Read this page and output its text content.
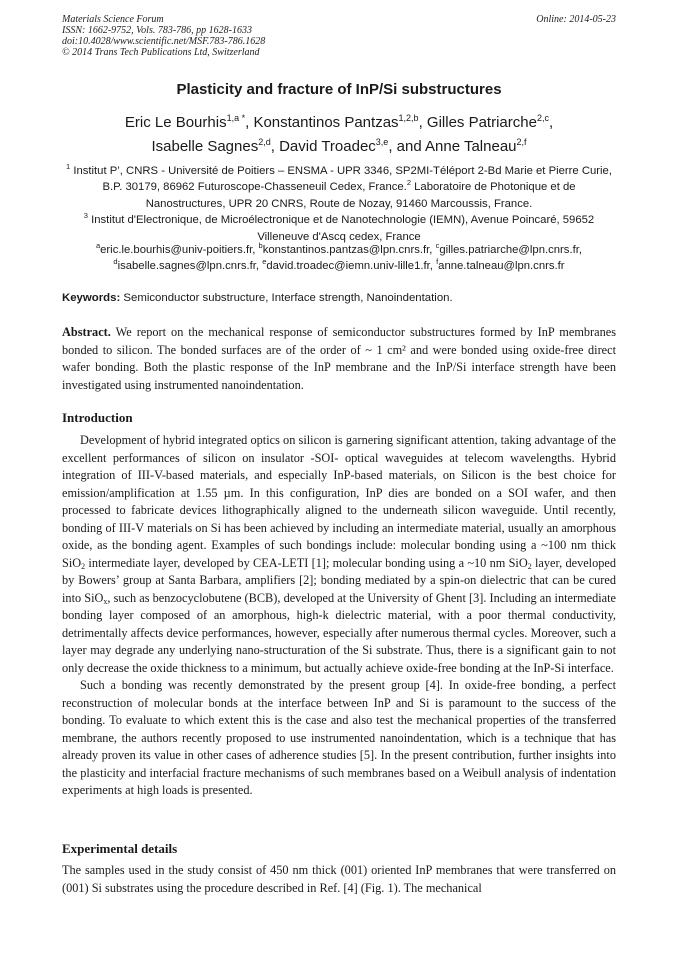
Materials Science Forum
ISSN: 1662-9752, Vols. 783-786, pp 1628-1633
doi:10.4028/www.scientific.net/MSF.783-786.1628
© 2014 Trans Tech Publications Ltd, Switzerland
Online: 2014-05-23
Plasticity and fracture of InP/Si substructures
Eric Le Bourhis$^{1,a *}$, Konstantinos Pantzas$^{1,2,b}$, Gilles Patriarche$^{2,c}$,
Isabelle Sagnes$^{2,d}$, David Troadec$^{3,e}$, and Anne Talneau$^{2,f}$
$^1$ Institut P’, CNRS - Université de Poitiers – ENSMA - UPR 3346, SP2MI-Téléport 2-Bd Marie et Pierre Curie, B.P. 30179, 86962 Futuroscope-Chasseneuil Cedex, France.$^2$ Laboratoire de Photonique et de Nanostructures, UPR 20 CNRS, Route de Nozay, 91460 Marcoussis, France.
$^3$ Institut d'Electronique, de Microélectronique et de Nanotechnologie (IEMN), Avenue Poincaré, 59652 Villeneuve d'Ascq cedex, France
$^a$eric.le.bourhis@univ-poitiers.fr, $^b$konstantinos.pantzas@lpn.cnrs.fr, $^c$gilles.patriarche@lpn.cnrs.fr,
$^d$isabelle.sagnes@lpn.cnrs.fr, $^e$david.troadec@iemn.univ-lille1.fr, $^f$anne.talneau@lpn.cnrs.fr
Keywords: Semiconductor substructure, Interface strength, Nanoindentation.
Abstract. We report on the mechanical response of semiconductor substructures formed by InP membranes bonded to silicon. The bonded surfaces are of the order of ~ 1 cm² and were bonded using oxide-free direct wafer bonding. Both the plastic response of the InP membrane and the InP/Si interface strength have been investigated using instrumented nanoindentation.
Introduction

Development of hybrid integrated optics on silicon is garnering significant attention, taking advantage of the excellent performances of silicon on insulator -SOI- optical waveguides at telecom wavelengths. Hybrid integration of III-V-based materials, and especially InP-based materials, on Silicon is the best choice for emission/amplification at 1.55 µm. In this configuration, InP dies are bonded on a SOI wafer, and then processed to fabricate devices lithographically aligned to the underneath silicon waveguide. Until recently, bonding of III-V materials on Si has been achieved by including an intermediate material, usually an amorphous oxide, as the bonding agent. Examples of such bondings include: molecular bonding using a ~100 nm thick SiO$_2$ intermediate layer, developed by CEA-LETI [1]; molecular bonding using a ~10 nm SiO$_2$ layer, developed by Bowers’ group at Santa Barbara, amplifiers [2]; bonding mediated by a spin-on dielectric that can be cured into SiO$_x$, such as benzocyclobutene (BCB), developed at the University of Ghent [3]. Including an intermediate bonding layer composed of an amorphous, high-k dielectric material, with a poor thermal conductivity, detrimentally affects device performances, however, especially after numerous thermal cycles. Moreover, such a layer may degrade any underlying nano-structuration of the Si substrate. Thus, there is a significant gain to not only decrease the oxide thickness to a minimum, but actually achieve oxide-free bonding at the InP-Si interface.

Such a bonding was recently demonstrated by the present group [4]. In oxide-free bonding, a perfect reconstruction of molecular bonds at the interface between InP and Si is paramount to the success of the bonding. To evaluate to which extent this is the case and also test the mechanical properties of the transferred membrane, the authors recently proposed to use instrumented nanoindentation, which is a technique that has already proven its value in other cases of adherence studies [5]. In the present contribution, further insights into the plasticity and interfacial fracture mechanisms of such membranes based on a Weibull analysis of indentation experiments at high loads is presented.

Experimental details

The samples used in the study consist of 450 nm thick (001) oriented InP membranes that were transferred on (001) Si substrates using the procedure described in Ref. [4] (Fig. 1). The mechanical
